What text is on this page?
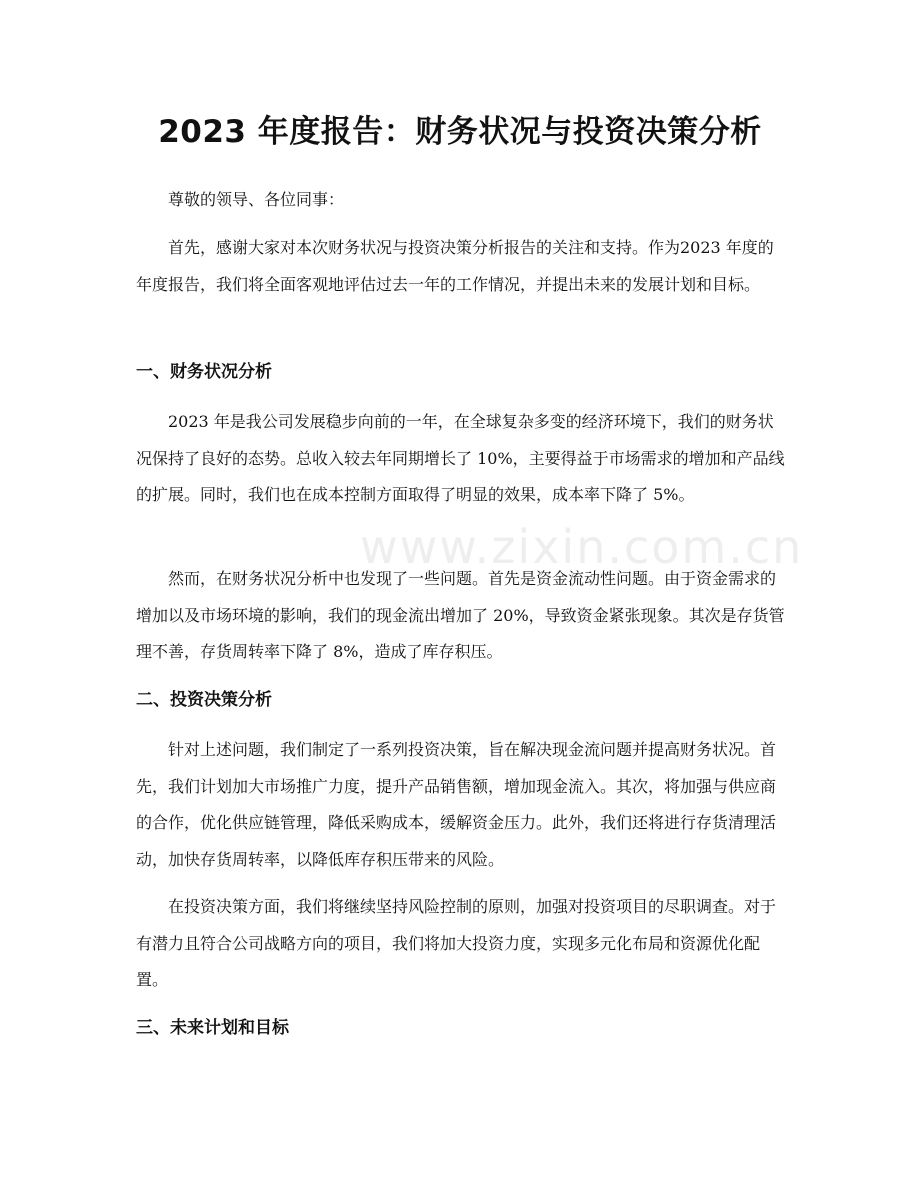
2023 年度报告：财务状况与投资决策分析

尊敬的领导、各位同事：

首先，感谢大家对本次财务状况与投资决策分析报告的关注和支持。作为2023 年度的年度报告，我们将全面客观地评估过去一年的工作情况，并提出未来的发展计划和目标。

一、财务状况分析

2023 年是我公司发展稳步向前的一年，在全球复杂多变的经济环境下，我们的财务状况保持了良好的态势。总收入较去年同期增长了 10%，主要得益于市场需求的增加和产品线的扩展。同时，我们也在成本控制方面取得了明显的效果，成本率下降了 5%。

然而，在财务状况分析中也发现了一些问题。首先是资金流动性问题。由于资金需求的增加以及市场环境的影响，我们的现金流出增加了 20%，导致资金紧张现象。其次是存货管理不善，存货周转率下降了 8%，造成了库存积压。

二、投资决策分析

针对上述问题，我们制定了一系列投资决策，旨在解决现金流问题并提高财务状况。首先，我们计划加大市场推广力度，提升产品销售额，增加现金流入。其次，将加强与供应商的合作，优化供应链管理，降低采购成本，缓解资金压力。此外，我们还将进行存货清理活动，加快存货周转率，以降低库存积压带来的风险。

在投资决策方面，我们将继续坚持风险控制的原则，加强对投资项目的尽职调查。对于有潜力且符合公司战略方向的项目，我们将加大投资力度，实现多元化布局和资源优化配置。

三、未来计划和目标
www.zixin.com.cn
